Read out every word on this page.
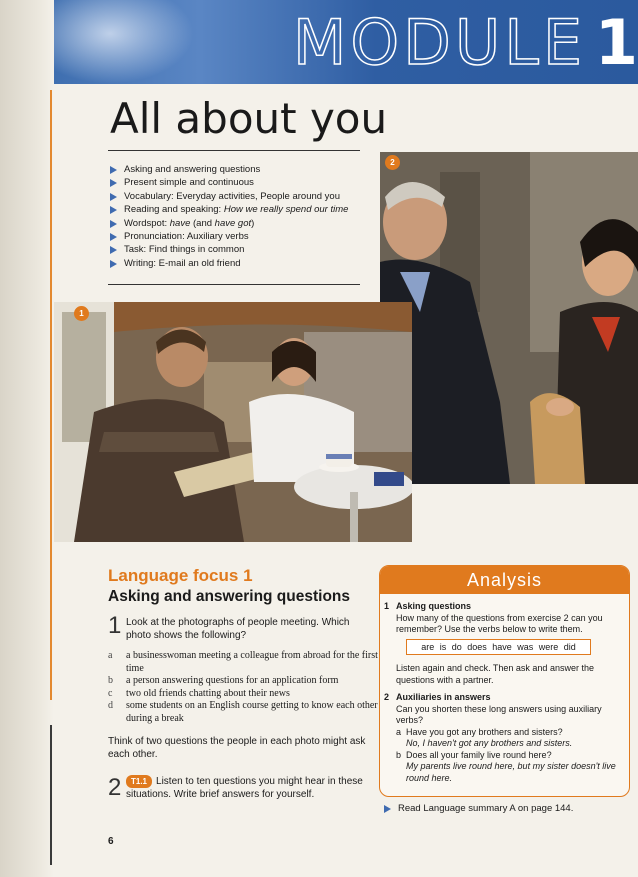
MODULE 1
All about you
Asking and answering questions
Present simple and continuous
Vocabulary: Everyday activities, People around you
Reading and speaking: How we really spend our time
Wordspot: have (and have got)
Pronunciation: Auxiliary verbs
Task: Find things in common
Writing: E-mail an old friend
2
1
Language focus 1
Asking and answering questions
1 Look at the photographs of people meeting. Which photo shows the following?
a a businesswoman meeting a colleague from abroad for the first time
b a person answering questions for an application form
c two old friends chatting about their news
d some students on an English course getting to know each other during a break
Think of two questions the people in each photo might ask each other.
2	T1.1 Listen to ten questions you might hear in these situations. Write brief answers for yourself.
6
Analysis
1 Asking questions
How many of the questions from exercise 2 can you remember? Use the verbs below to write them.
Listen again and check. Then ask and answer the questions with a partner.
2 Auxiliaries in answers
Can you shorten these long answers using auxiliary verbs?
a Have you got any brothers and sisters?
No, I haven't got any brothers and sisters.
b Does all your family live round here?
My parents live round here, but my sister doesn't live round here.
are is do does have was were did
Read Language summary A on page 144.
